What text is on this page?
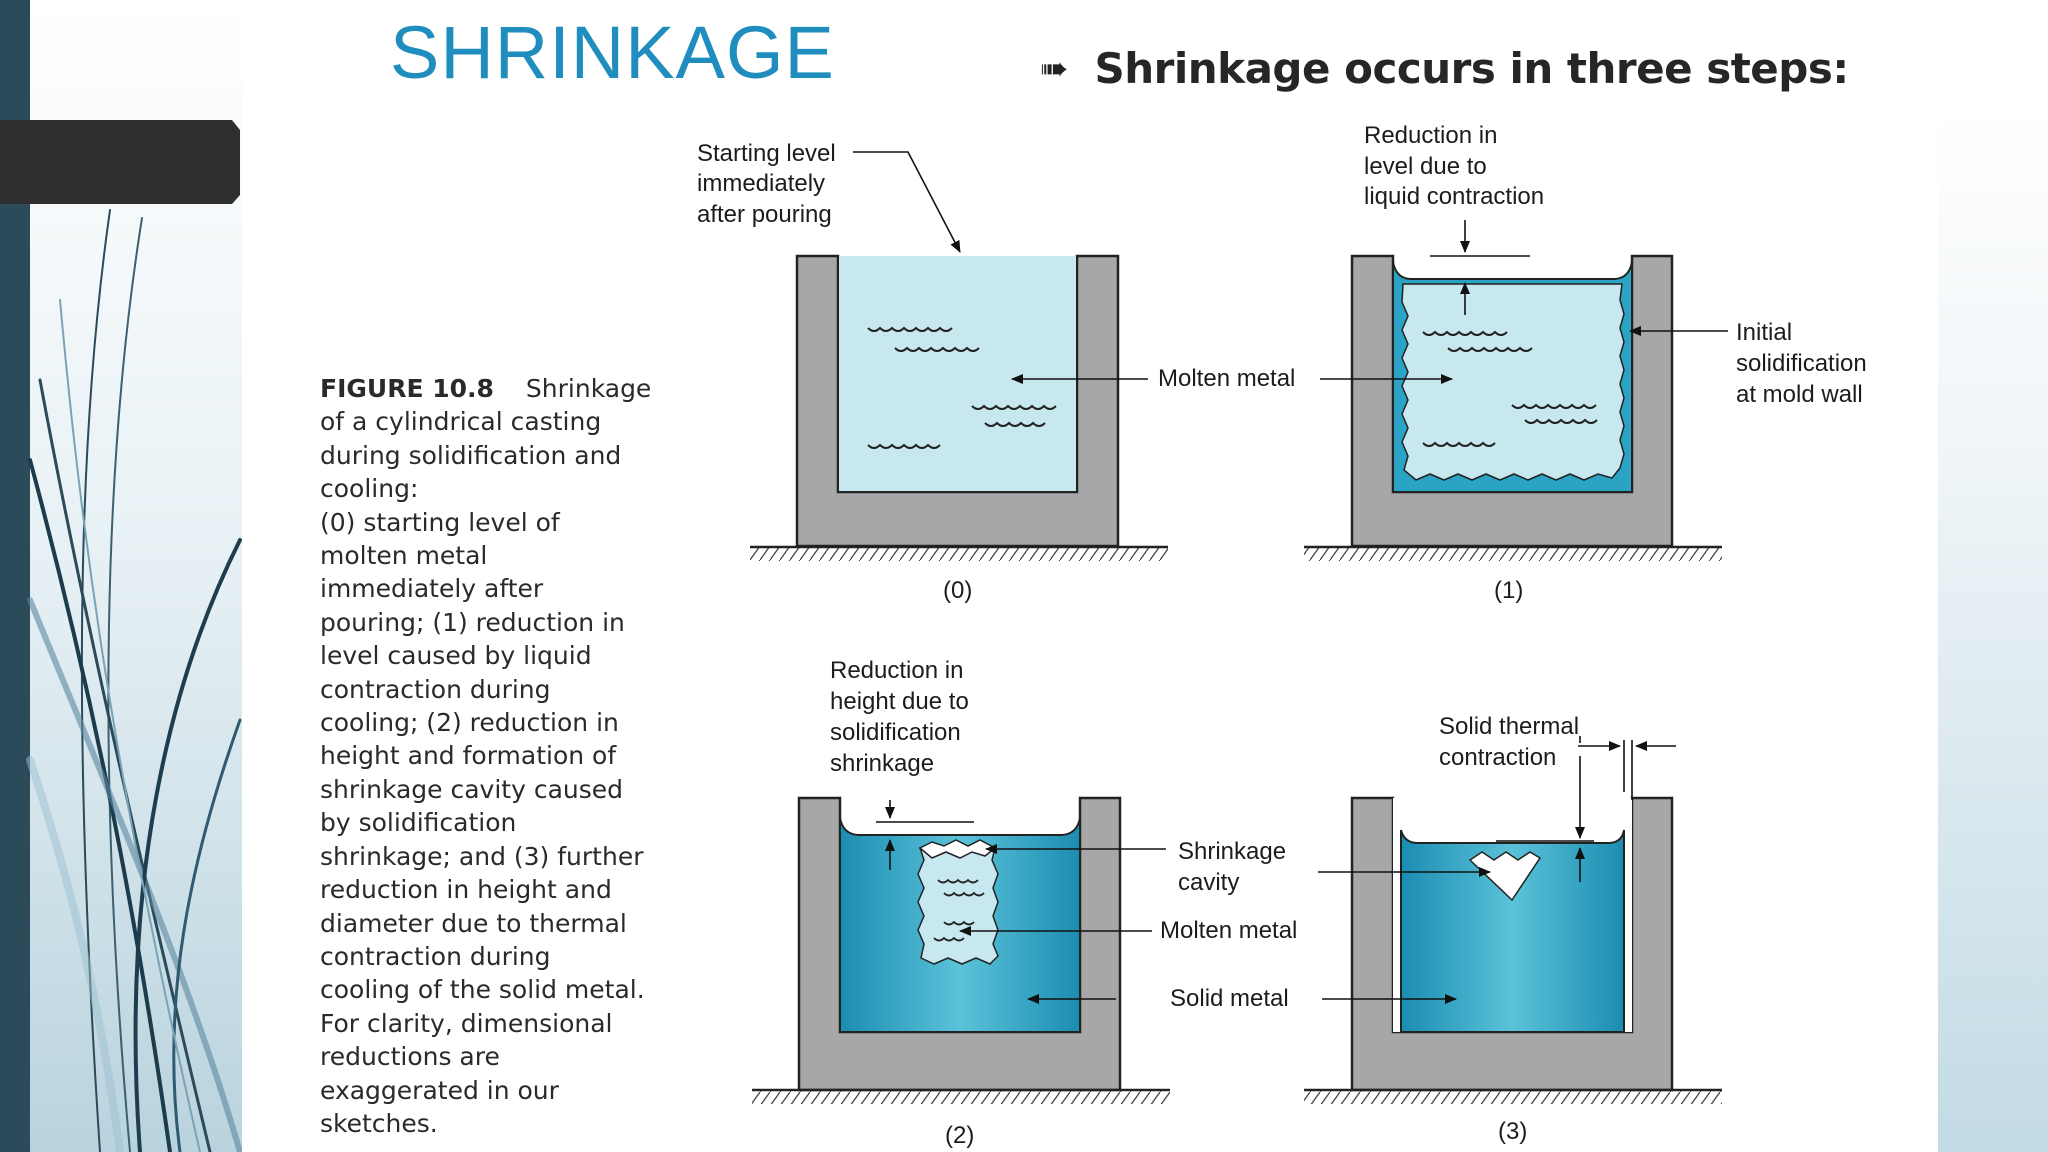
SHRINKAGE	➠ Shrinkage occurs in three steps:
FIGURE 10.8 Shrinkage
of a cylindrical casting
during solidification and
cooling:
(0) starting level of
molten metal
immediately after
pouring; (1) reduction in
level caused by liquid
contraction during
cooling; (2) reduction in
height and formation of
shrinkage cavity caused
by solidification
shrinkage; and (3) further
reduction in height and
diameter due to thermal
contraction during
cooling of the solid metal.
For clarity, dimensional
reductions are
exaggerated in our
sketches.
Starting level immediately after pouring
Reduction in level due to liquid contraction
Molten metal
Initial solidification at mold wall
Reduction in height due to solidification shrinkage
Solid thermal contraction
Shrinkage cavity
Molten metal
Solid metal
(0)	(1)
(2)	(3)
